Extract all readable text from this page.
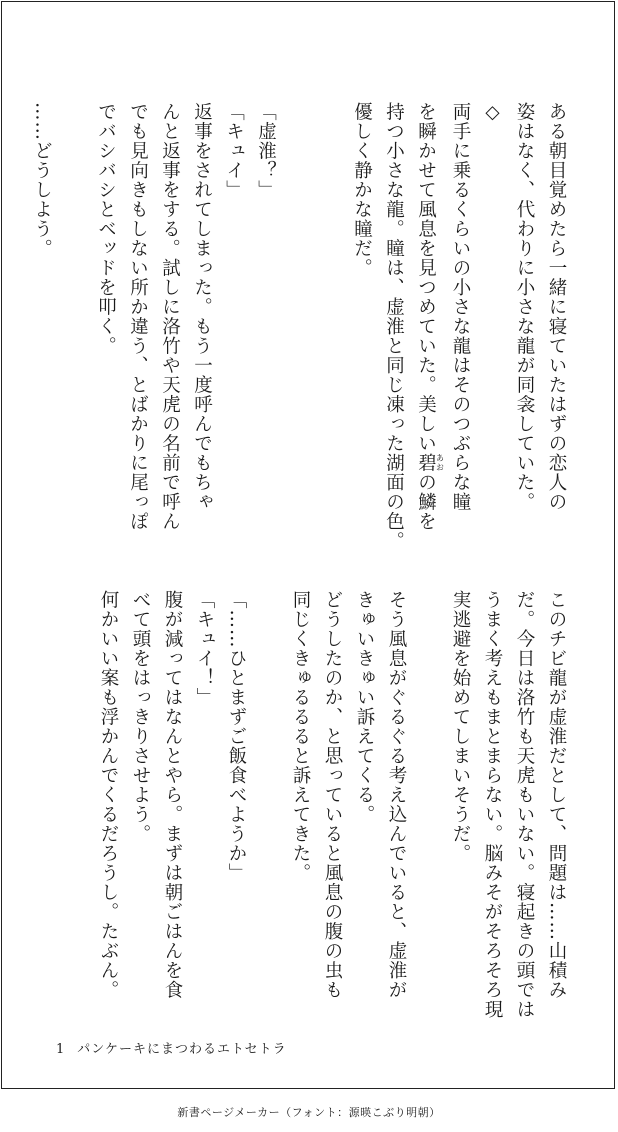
ある朝目覚めたら一緒に寝ていたはずの恋人の
姿はなく、代わりに小さな龍が同衾していた。
◇
両手に乗るくらいの小さな龍はそのつぶらな瞳
を瞬かせて風息を見つめていた。美しい碧 あおの鱗を
持つ小さな龍。瞳は、虚淮と同じ凍った湖面の色。
優しく静かな瞳だ。

「虚淮？」
「キュイ」
返事をされてしまった。もう一度呼んでもちゃ
んと返事をする。試しに洛竹や天虎の名前で呼ん
でも見向きもしない所か違う、とばかりに尾っぽ
でバシバシとベッドを叩く。

……どうしよう。
このチビ龍が虚淮だとして、問題は……山積み
だ。今日は洛竹も天虎もいない。寝起きの頭では
うまく考えもまとまらない。脳みそがそろそろ現
実逃避を始めてしまいそうだ。

そう風息がぐるぐる考え込んでいると、虚淮が
きゅいきゅい訴えてくる。
どうしたのか、と思っていると風息の腹の虫も
同じくきゅるるると訴えてきた。

「……ひとまずご飯食べようか」
「キュイ！」
腹が減ってはなんとやら。まずは朝ごはんを食
べて頭をはっきりさせよう。
何かいい案も浮かんでくるだろうし。たぶん。
1 パンケーキにまつわるエトセトラ
新書ページメーカー（フォント：源暎こぶり明朝）
